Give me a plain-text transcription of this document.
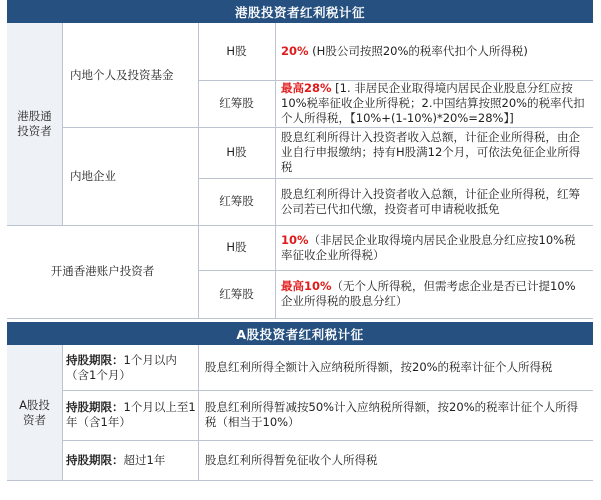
港股投资者红利税计征
港股通投资者
内地个人及投资基金
H股	20% (H股公司按照20%的税率代扣个人所得税)
红筹股
最高28% [1. 非居民企业取得境内居民企业股息分红应按10%税率征收企业所得税；2.中国结算按照20%的税率代扣个人所得税，【10%+(1-10%)*20%=28%】]
内地企业
H股
股息红利所得计入投资者收入总额，计征企业所得税，由企业自行申报缴纳；持有H股满12个月，可依法免征企业所得税
红筹股
股息红利所得计入投资者收入总额，计征企业所得税，红筹公司若已代扣代缴，投资者可申请税收抵免
开通香港账户投资者
H股
10%（非居民企业取得境内居民企业股息分红应按10%税率征收企业所得税）
红筹股
最高10%（无个人所得税，但需考虑企业是否已计提10%企业所得税的股息分红）
A股投资者红利税计征
A股投资者
持股期限：1个月以内（含1个月）
股息红利所得全额计入应纳税所得额，按20%的税率计征个人所得税
持股期限：1个月以上至1年（含1年）
股息红利所得暂减按50%计入应纳税所得额，按20%的税率计征个人所得税（相当于10%）
持股期限：超过1年	股息红利所得暂免征收个人所得税
